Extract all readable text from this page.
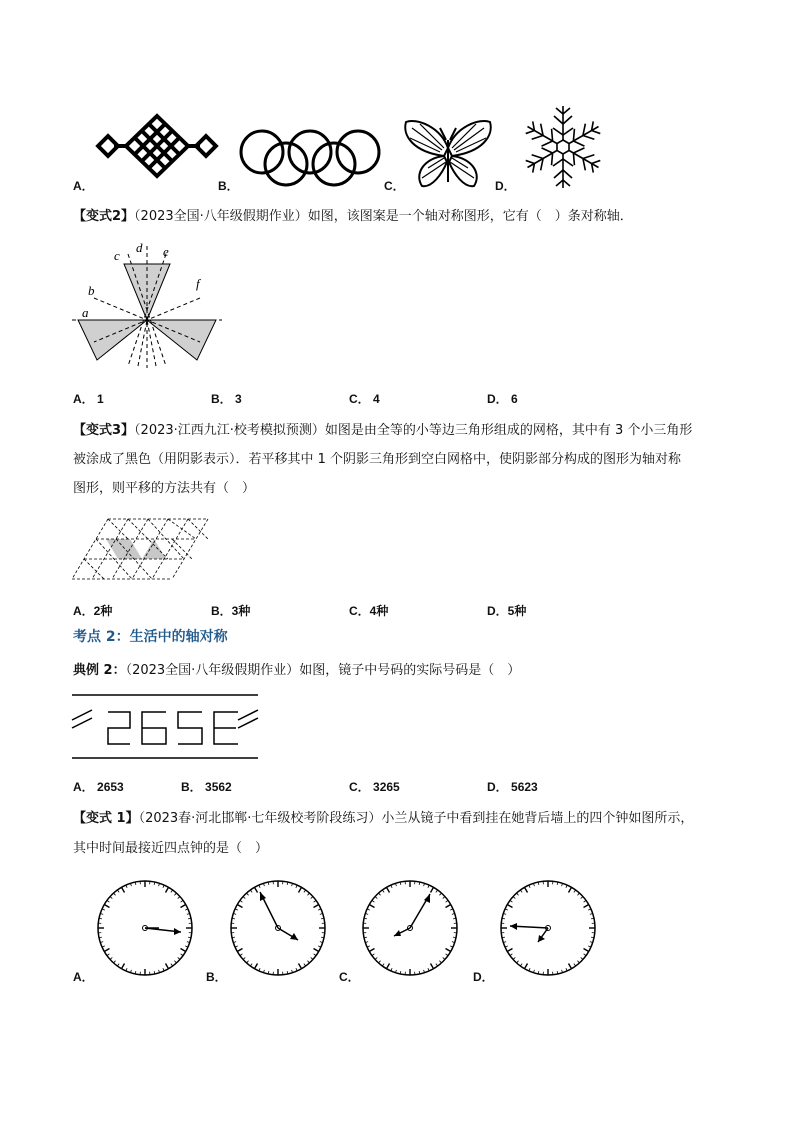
A．	B．	C．	D．
【变式2】（2023全国·八年级假期作业）如图，该图案是一个轴对称图形，它有（　）条对称轴．
a
b
c
d e
f
A． 1	B． 3	C． 4	D． 6
【变式3】（2023·江西九江·校考模拟预测）如图是由全等的小等边三角形组成的网格，其中有 3 个小三角形
被涂成了黑色（用阴影表示）．若平移其中 1 个阴影三角形到空白网格中，使阴影部分构成的图形为轴对称
图形，则平移的方法共有（　）
A．2种	B．3种	C．4种	D．5种
考点 2：生活中的轴对称
典例 2：（2023全国·八年级假期作业）如图，镜子中号码的实际号码是（　）
A． 2653	B． 3562	C． 3265	D． 5623
【变式 1】（2023春·河北邯郸·七年级校考阶段练习）小兰从镜子中看到挂在她背后墙上的四个钟如图所示，
其中时间最接近四点钟的是（　）
A．	B．	C．	D．
